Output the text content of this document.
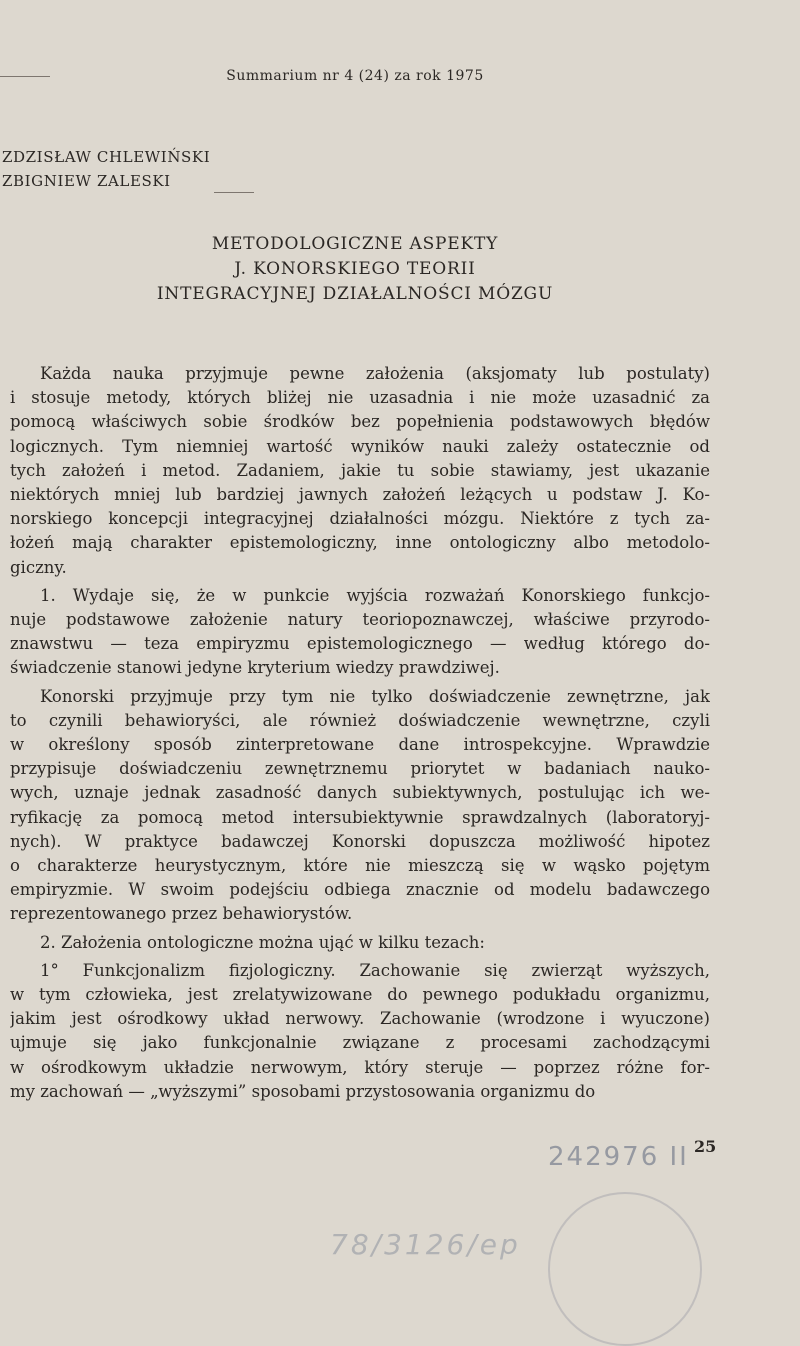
Summarium nr 4 (24) za rok 1975
ZDZISŁAW CHLEWIŃSKI
ZBIGNIEW ZALESKI
METODOLOGICZNE ASPEKTY
J. KONORSKIEGO TEORII
INTEGRACYJNEJ DZIAŁALNOŚCI MÓZGU
Każda nauka przyjmuje pewne założenia (aksjomaty lub postulaty)
i stosuje metody, których bliżej nie uzasadnia i nie może uzasadnić za
pomocą właściwych sobie środków bez popełnienia podstawowych błędów
logicznych. Tym niemniej wartość wyników nauki zależy ostatecznie od
tych założeń i metod. Zadaniem, jakie tu sobie stawiamy, jest ukazanie
niektórych mniej lub bardziej jawnych założeń leżących u podstaw J. Ko-
norskiego koncepcji integracyjnej działalności mózgu. Niektóre z tych za-
łożeń mają charakter epistemologiczny, inne ontologiczny albo metodolo-
giczny.
1. Wydaje się, że w punkcie wyjścia rozważań Konorskiego funkcjo-
nuje podstawowe założenie natury teoriopoznawczej, właściwe przyrodo-
znawstwu — teza empiryzmu epistemologicznego — według którego do-
świadczenie stanowi jedyne kryterium wiedzy prawdziwej.
Konorski przyjmuje przy tym nie tylko doświadczenie zewnętrzne, jak
to czynili behawioryści, ale również doświadczenie wewnętrzne, czyli
w określony sposób zinterpretowane dane introspekcyjne. Wprawdzie
przypisuje doświadczeniu zewnętrznemu priorytet w badaniach nauko-
wych, uznaje jednak zasadność danych subiektywnych, postulując ich we-
ryfikację za pomocą metod intersubiektywnie sprawdzalnych (laboratoryj-
nych). W praktyce badawczej Konorski dopuszcza możliwość hipotez
o charakterze heurystycznym, które nie mieszczą się w wąsko pojętym
empiryzmie. W swoim podejściu odbiega znacznie od modelu badawczego
reprezentowanego przez behawiorystów.
2. Założenia ontologiczne można ująć w kilku tezach:
1° Funkcjonalizm fizjologiczny. Zachowanie się zwierząt wyższych,
w tym człowieka, jest zrelatywizowane do pewnego podukładu organizmu,
jakim jest ośrodkowy układ nerwowy. Zachowanie (wrodzone i wyuczone)
ujmuje się jako funkcjonalnie związane z procesami zachodzącymi
w ośrodkowym układzie nerwowym, który steruje — poprzez różne for-
my zachowań — „wyższymi” sposobami przystosowania organizmu do
25
242976 II
78/3126/ep
